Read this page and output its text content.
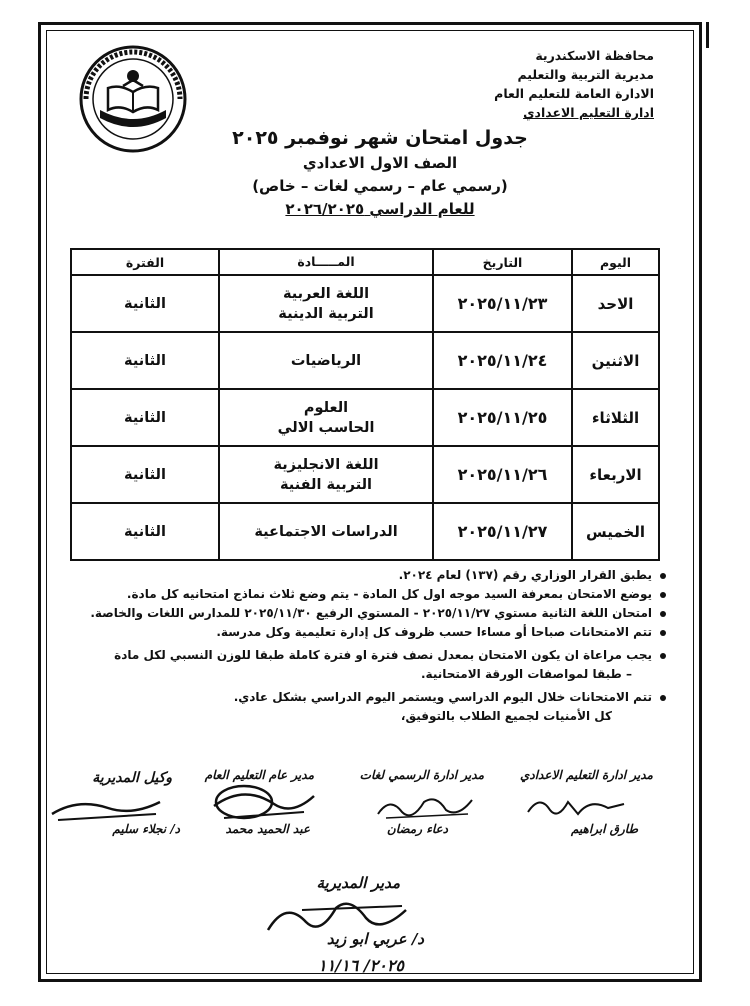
محافظة الاسكندرية
مديرية التربية والتعليم
الادارة العامة للتعليم العام
ادارة التعليم الاعدادي
جدول امتحان شهر نوفمبر ٢٠٢٥
الصف الاول الاعدادي
(رسمي عام – رسمي لغات – خاص)
للعام الدراسي ٢٠٢٦/٢٠٢٥
اليوم
التاريخ
المـــــادة
الفترة
الاحد
٢٠٢٥/١١/٢٣
اللغة العربية
التربية الدينية
الثانية
الاثنين
٢٠٢٥/١١/٢٤
الرياضيات
الثانية
الثلاثاء
٢٠٢٥/١١/٢٥
العلوم
الحاسب الالي
الثانية
الاربعاء
٢٠٢٥/١١/٢٦
اللغة الانجليزية
التربية الفنية
الثانية
الخميس
٢٠٢٥/١١/٢٧
الدراسات الاجتماعية
الثانية
يطبق القرار الوزاري رقم (١٣٧) لعام ٢٠٢٤.
يوضع الامتحان بمعرفة السيد موجه اول كل المادة - يتم وضع ثلاث نماذج امتحانيه كل مادة.
امتحان اللغة الثانية مستوي ٢٠٢٥/١١/٢٧ - المستوي الرفيع ٢٠٢٥/١١/٣٠ للمدارس اللغات والخاصة.
تتم الامتحانات صباحا أو مساءا حسب ظروف كل إدارة تعليمية وكل مدرسة.
يجب مراعاة ان يكون الامتحان بمعدل نصف فترة او فترة كاملة طبقا للوزن النسبي لكل مادة
– طبقا لمواصفات الورقة الامتحانية.
تتم الامتحانات خلال اليوم الدراسي ويستمر اليوم الدراسي بشكل عادي.
كل الأمنيات لجميع الطلاب بالتوفيق،
مدير ادارة التعليم الاعدادي
طارق ابراهيم
مدير ادارة الرسمي لغات
دعاء رمضان
مدير عام التعليم العام
عبد الحميد محمد
وكيل المديرية
د/ نجلاء سليم
مدير المديرية
د/ عربي ابو زيد
٢٠٢٥/ ١١/١٦
